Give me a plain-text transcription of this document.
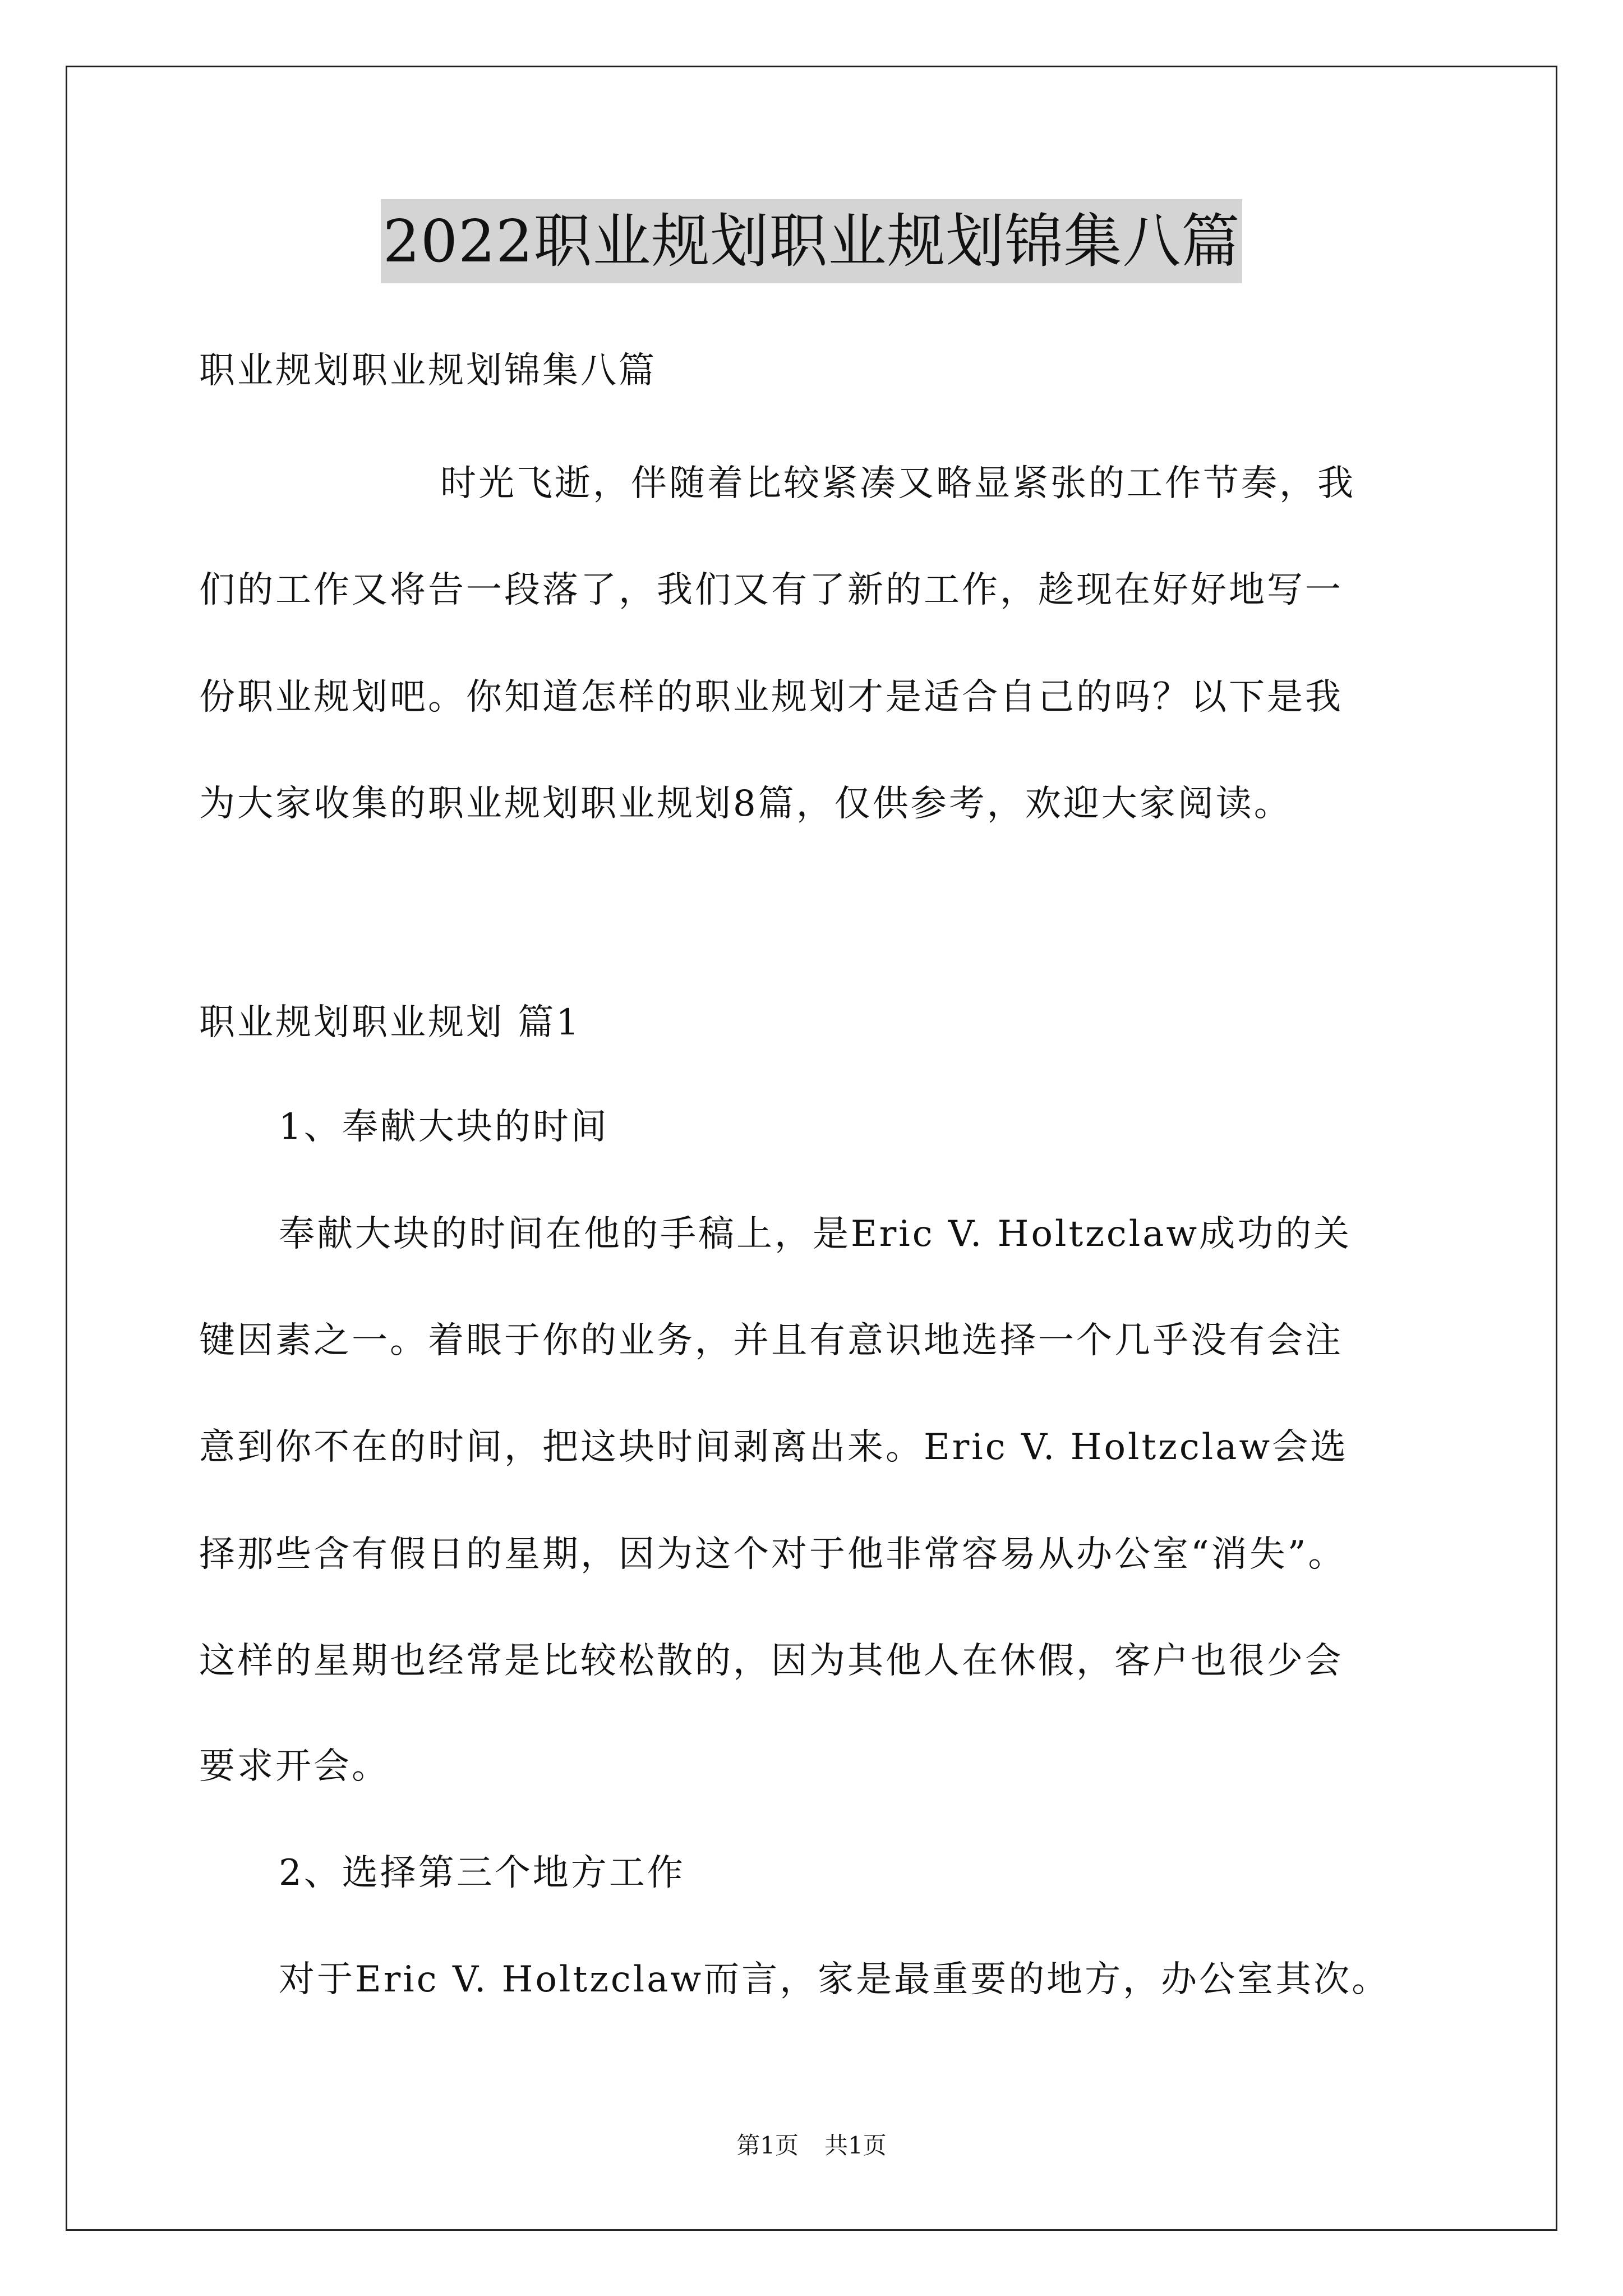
2022职业规划职业规划锦集八篇
职业规划职业规划锦集八篇
时光飞逝，伴随着比较紧凑又略显紧张的工作节奏，我
们的工作又将告一段落了，我们又有了新的工作，趁现在好好地写一
份职业规划吧。你知道怎样的职业规划才是适合自己的吗？以下是我
为大家收集的职业规划职业规划8篇，仅供参考，欢迎大家阅读。
职业规划职业规划 篇1
1、奉献大块的时间
奉献大块的时间在他的手稿上，是Eric V. Holtzclaw成功的关
键因素之一。着眼于你的业务，并且有意识地选择一个几乎没有会注
意到你不在的时间，把这块时间剥离出来。Eric V. Holtzclaw会选
择那些含有假日的星期，因为这个对于他非常容易从办公室“消失”。
这样的星期也经常是比较松散的，因为其他人在休假，客户也很少会
要求开会。
2、选择第三个地方工作
对于Eric V. Holtzclaw而言，家是最重要的地方，办公室其次。
第1页 共1页
